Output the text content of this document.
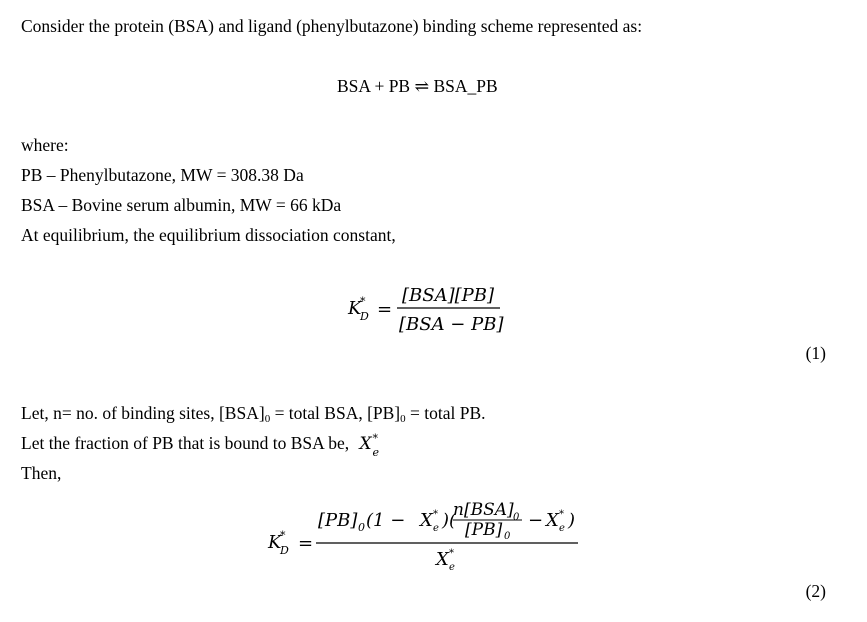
Consider the protein (BSA) and ligand (phenylbutazone) binding scheme represented as:
BSA + PB ⇌ BSA_PB
where:
PB – Phenylbutazone, MW = 308.38 Da
BSA – Bovine serum albumin, MW = 66 kDa
At equilibrium, the equilibrium dissociation constant,
K
*
D =
[BSA][PB]
[BSA − PB]
(1)
Let, n= no. of binding sites, $[BSA]_0$ = total BSA, $[PB]_0$ = total PB.
Let the fraction of PB that is bound to BSA be, X *
e
Then,
K
*
D =
[PB] 0 (1 − X *
e )(
n[BSA] 0
[PB] 0
− X *
e )
X *
e
(2)
